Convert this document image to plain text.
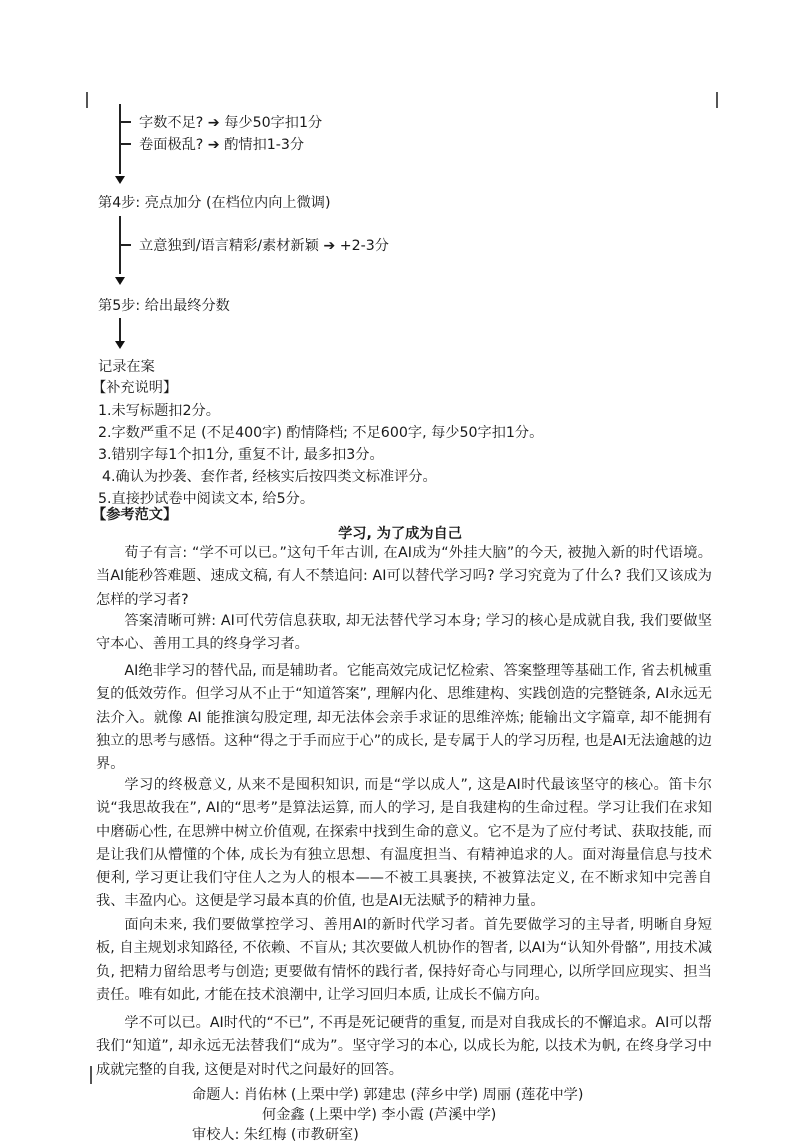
字数不足? ➔ 每少50字扣1分
卷面极乱? ➔ 酌情扣1-3分
第4步: 亮点加分 (在档位内向上微调)
立意独到/语言精彩/素材新颖 ➔ +2-3分
第5步: 给出最终分数
记录在案
【补充说明】
1.未写标题扣2分。
2.字数严重不足 (不足400字) 酌情降档; 不足600字, 每少50字扣1分。
3.错别字每1个扣1分, 重复不计, 最多扣3分。
4.确认为抄袭、套作者, 经核实后按四类文标准评分。
5.直接抄试卷中阅读文本, 给5分。
【参考范文】
学习, 为了成为自己

荀子有言: “学不可以已。”这句千年古训, 在AI成为“外挂大脑”的今天, 被抛入新的时代语境。当AI能秒答难题、速成文稿, 有人不禁追问: AI可以替代学习吗? 学习究竟为了什么? 我们又该成为怎样的学习者?

答案清晰可辨: AI可代劳信息获取, 却无法替代学习本身; 学习的核心是成就自我, 我们要做坚守本心、善用工具的终身学习者。

AI绝非学习的替代品, 而是辅助者。它能高效完成记忆检索、答案整理等基础工作, 省去机械重复的低效劳作。但学习从不止于“知道答案”, 理解内化、思维建构、实践创造的完整链条, AI永远无法介入。就像 AI 能推演勾股定理, 却无法体会亲手求证的思维淬炼; 能输出文字篇章, 却不能拥有独立的思考与感悟。这种“得之于手而应于心”的成长, 是专属于人的学习历程, 也是AI无法逾越的边界。

学习的终极意义, 从来不是囤积知识, 而是“学以成人”, 这是AI时代最该坚守的核心。笛卡尔说“我思故我在”, AI的“思考”是算法运算, 而人的学习, 是自我建构的生命过程。学习让我们在求知中磨砺心性, 在思辨中树立价值观, 在探索中找到生命的意义。它不是为了应付考试、获取技能, 而是让我们从懵懂的个体, 成长为有独立思想、有温度担当、有精神追求的人。面对海量信息与技术便利, 学习更让我们守住人之为人的根本——不被工具裹挟, 不被算法定义, 在不断求知中完善自我、丰盈内心。这便是学习最本真的价值, 也是AI无法赋予的精神力量。

面向未来, 我们要做掌控学习、善用AI的新时代学习者。首先要做学习的主导者, 明晰自身短板, 自主规划求知路径, 不依赖、不盲从; 其次要做人机协作的智者, 以AI为“认知外骨骼”, 用技术减负, 把精力留给思考与创造; 更要做有情怀的践行者, 保持好奇心与同理心, 以所学回应现实、担当责任。唯有如此, 才能在技术浪潮中, 让学习回归本质, 让成长不偏方向。

学不可以已。AI时代的“不已”, 不再是死记硬背的重复, 而是对自我成长的不懈追求。AI可以帮我们“知道”, 却永远无法替我们“成为”。坚守学习的本心, 以成长为舵, 以技术为帆, 在终身学习中成就完整的自我, 这便是对时代之问最好的回答。

命题人: 肖佑林 (上栗中学) 郭建忠 (萍乡中学) 周丽 (莲花中学)
何金鑫 (上栗中学) 李小霞 (芦溪中学)
审校人: 朱红梅 (市教研室)
